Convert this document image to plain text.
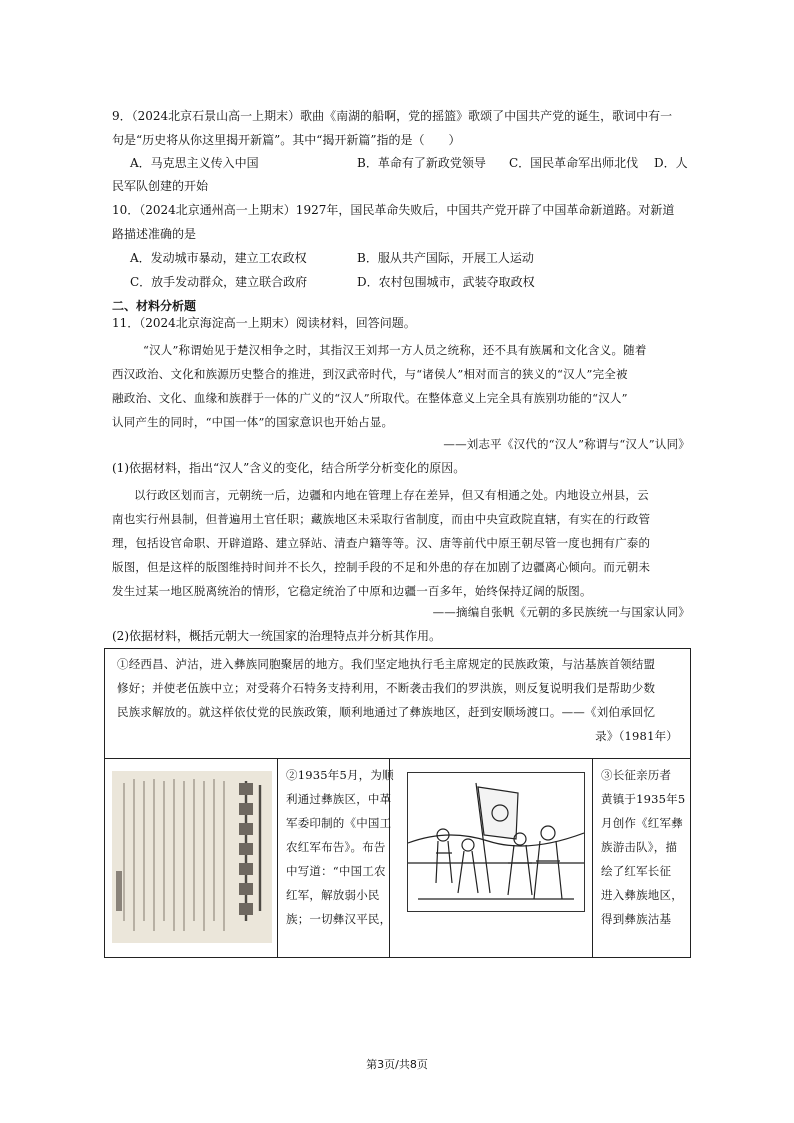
9．（2024北京石景山高一上期末）歌曲《南湖的船啊，党的摇篮》歌颂了中国共产党的诞生，歌词中有一
句是“历史将从你这里揭开新篇”。其中“揭开新篇”指的是（　　）
A．马克思主义传入中国	B．革命有了新政党领导 C．国民革命军出师北伐 D．人
民军队创建的开始
10．（2024北京通州高一上期末）1927年，国民革命失败后，中国共产党开辟了中国革命新道路。对新道
路描述准确的是
A．发动城市暴动，建立工农政权	B．服从共产国际，开展工人运动
C．放手发动群众，建立联合政府	D．农村包围城市，武装夺取政权
二、材料分析题
11．（2024北京海淀高一上期末）阅读材料，回答问题。
“汉人”称谓始见于楚汉相争之时，其指汉王刘邦一方人员之统称，还不具有族属和文化含义。随着
西汉政治、文化和族源历史整合的推进，到汉武帝时代，与“诸侯人”相对而言的狭义的“汉人”完全被
融政治、文化、血缘和族群于一体的广义的“汉人”所取代。在整体意义上完全具有族别功能的“汉人”
认同产生的同时，“中国一体”的国家意识也开始占显。
——刘志平《汉代的“汉人”称谓与“汉人”认同》
(1)依据材料，指出“汉人”含义的变化，结合所学分析变化的原因。
以行政区划而言，元朝统一后，边疆和内地在管理上存在差异，但又有相通之处。内地设立州县，云
南也实行州县制，但普遍用土官任职；藏族地区未采取行省制度，而由中央宣政院直辖，有实在的行政管
理，包括设官命职、开辟道路、建立驿站、清查户籍等等。汉、唐等前代中原王朝尽管一度也拥有广泰的
版图，但是这样的版图维持时间并不长久，控制手段的不足和外患的存在加剧了边疆离心倾向。而元朝未
发生过某一地区脱离统治的情形，它稳定统治了中原和边疆一百多年，始终保持辽阔的版图。
——摘编自张帆《元朝的多民族统一与国家认同》
(2)依据材料，概括元朝大一统国家的治理特点并分析其作用。
①经西昌、泸沽，进入彝族同胞聚居的地方。我们坚定地执行毛主席规定的民族政策，与沽基族首领结盟
修好；并使老伍族中立；对受蒋介石特务支持利用，不断袭击我们的罗洪族，则反复说明我们是帮助少数
民族求解放的。就这样依仗党的民族政策，顺利地通过了彝族地区，赶到安顺场渡口。——《刘伯承回忆
录》（1981年）
②1935年5月，为顺
利通过彝族区，中革
军委印制的《中国工
农红军布告》。布告
中写道：“中国工农
红军，解放弱小民
族；一切彝汉平民，
③长征亲历者
黄镇于1935年5
月创作《红军彝
族游击队》，描
绘了红军长征
进入彝族地区，
得到彝族沽基
第3页/共8页
